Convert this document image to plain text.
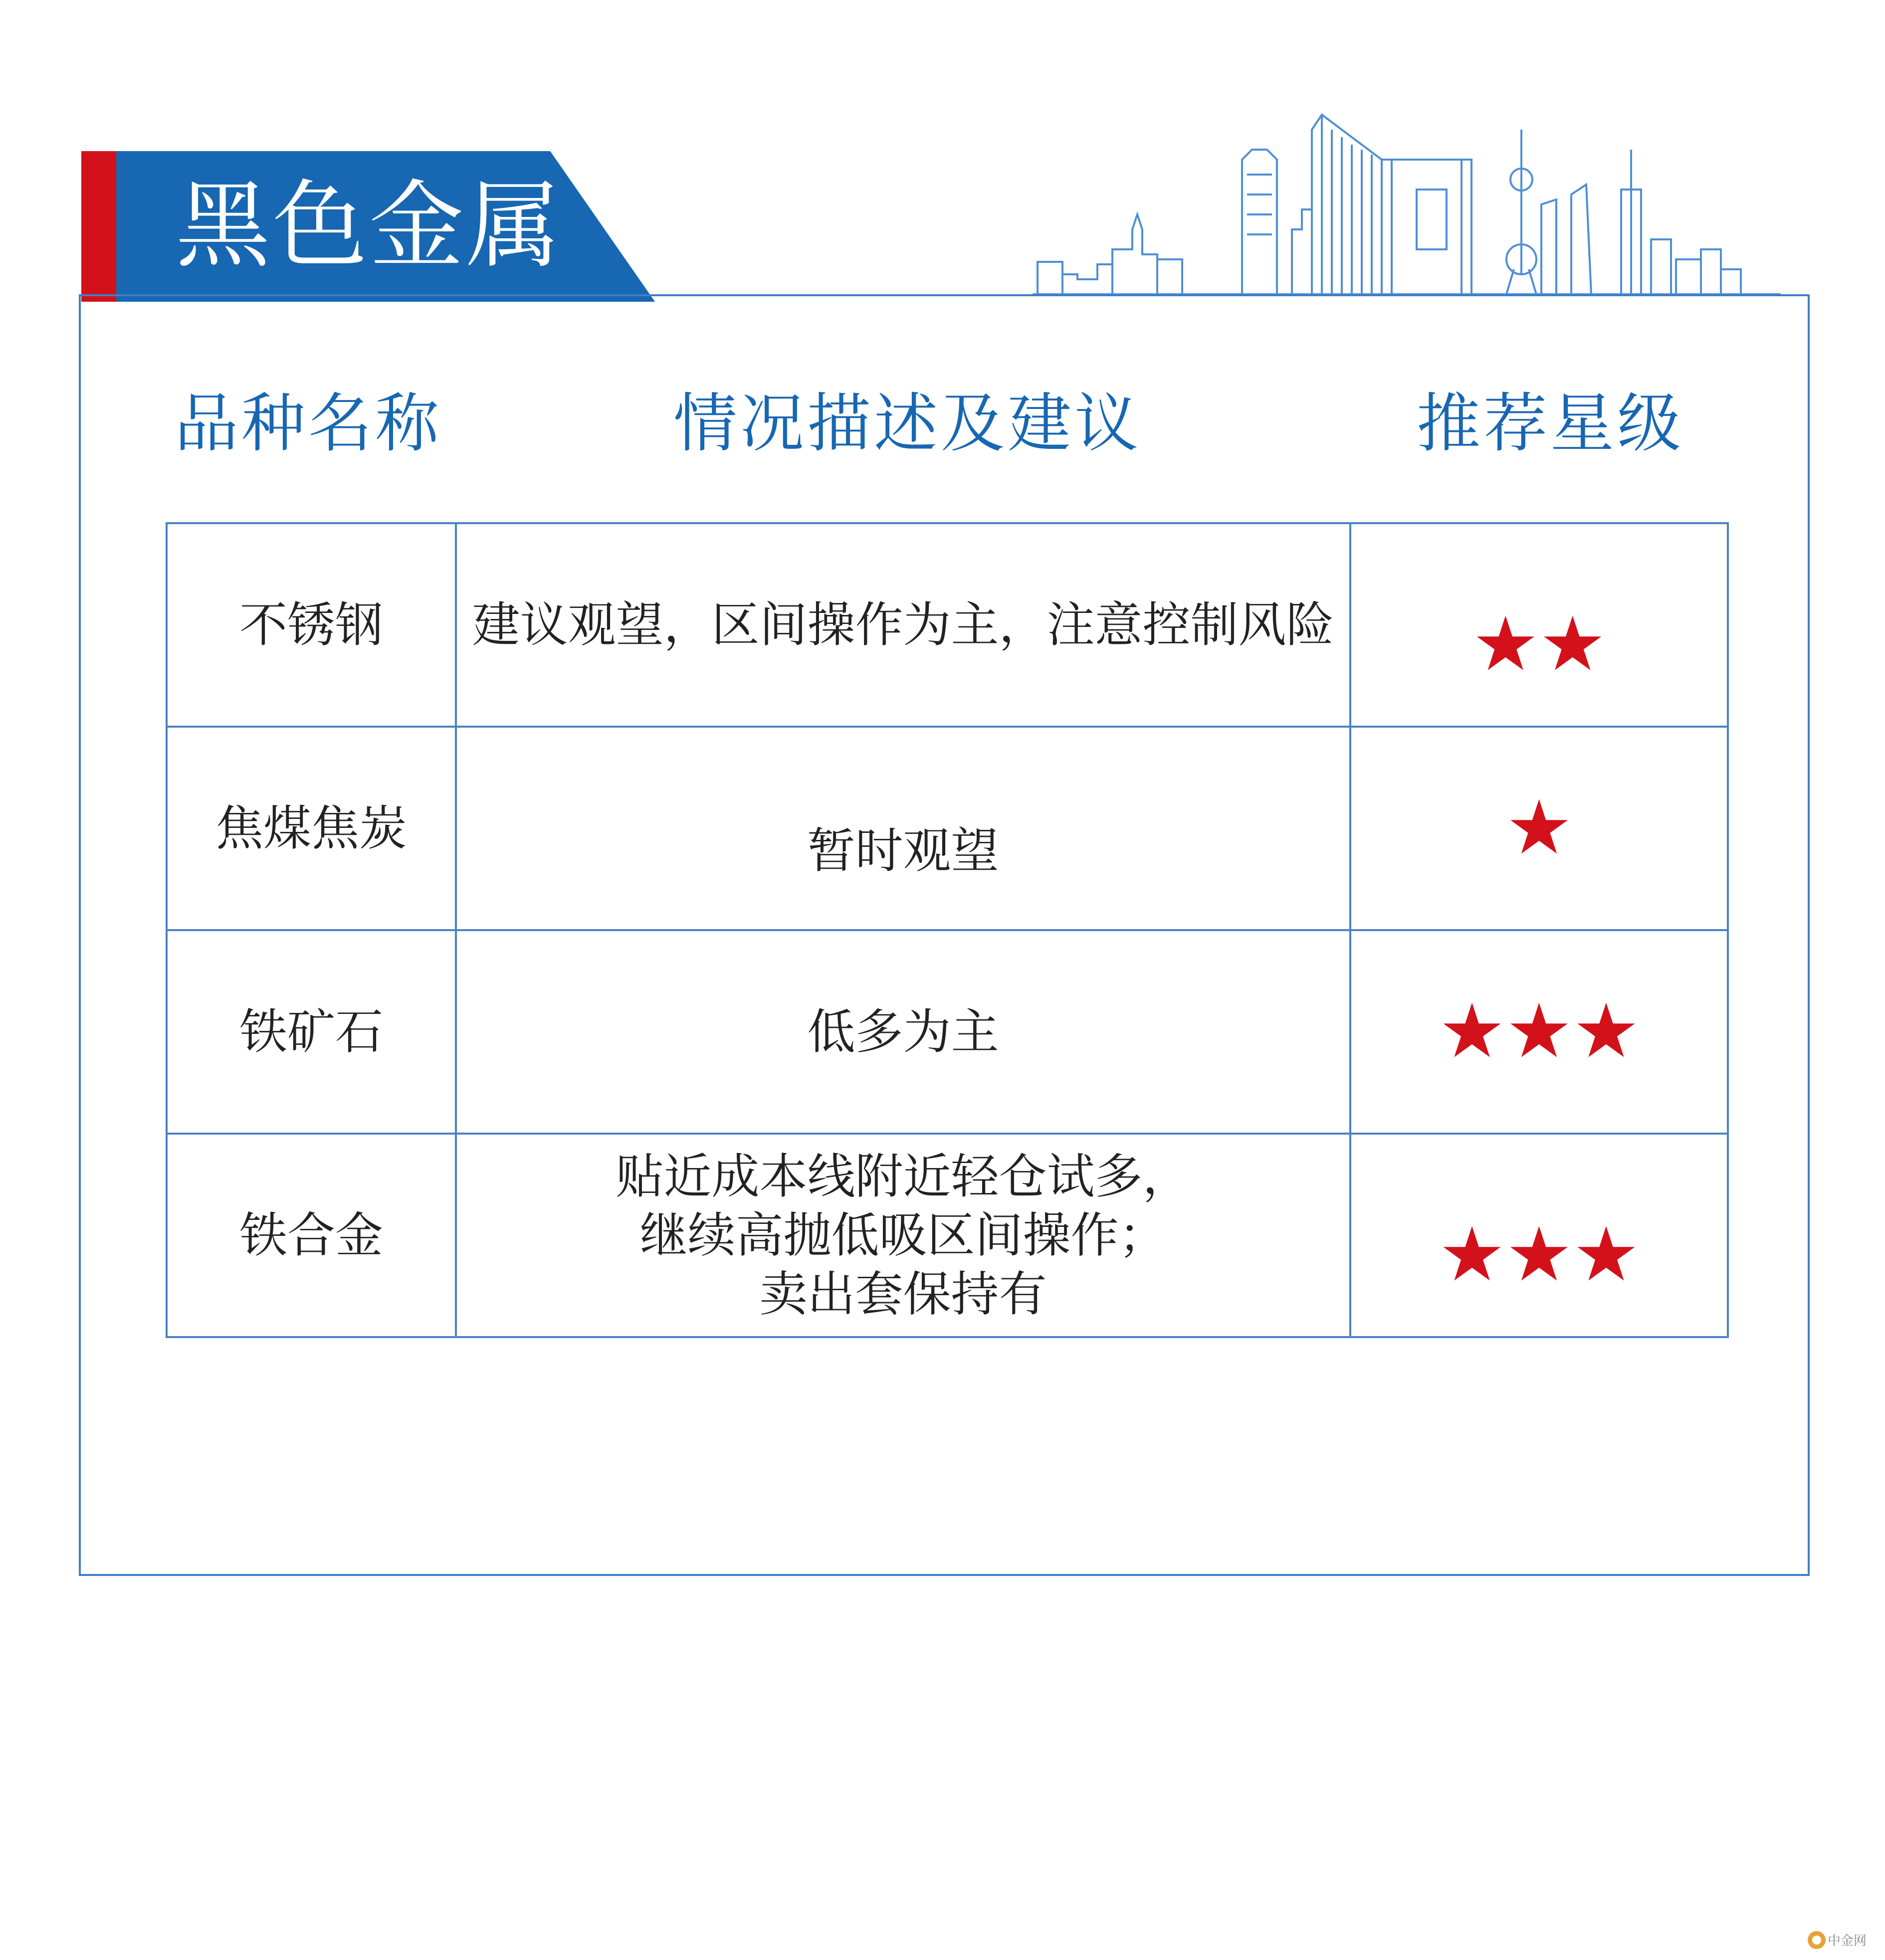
黑色金属
品种名称	情况描述及建议	推荐星级
不锈钢	建议观望，区间操作为主，注意控制风险	★★
焦煤焦炭	暂时观望	★
铁矿石	低多为主	★★★
铁合金	贴近成本线附近轻仓试多，
继续高抛低吸区间操作；
卖出套保持有	★★★
中金网
